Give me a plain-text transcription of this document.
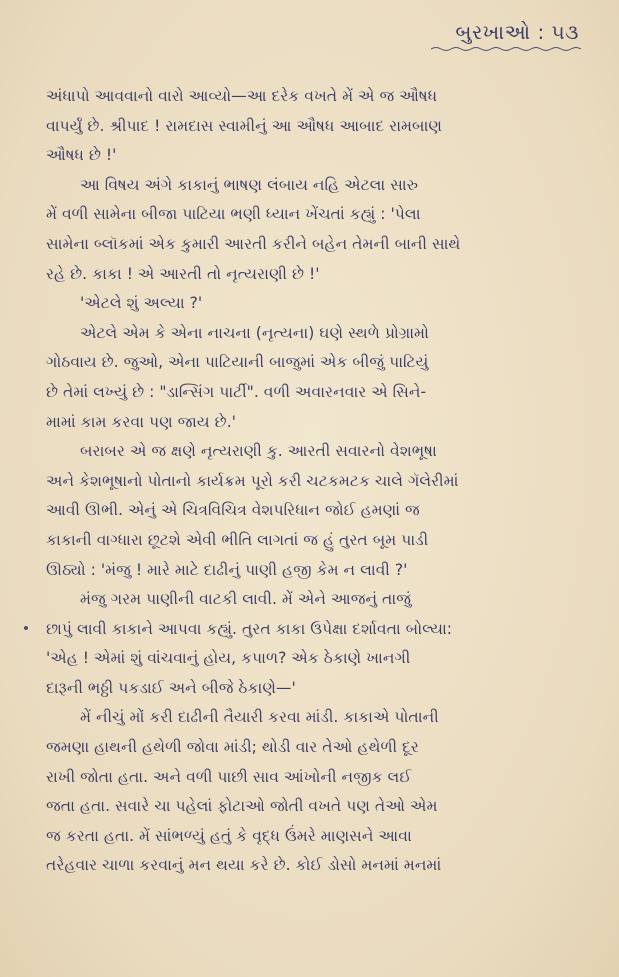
બુરખાઓ : ૫૩

અંધાપો આવવાનો વારો આવ્યો—આ દરેક વખતે મેં એ જ ઔષધ

વાપર્યું છે. શ્રીપાદ ! રામદાસ સ્વામીનું આ ઔષધ આબાદ રામબાણ

ઔષધ છે !'

આ વિષય અંગે કાકાનું ભાષણ લંબાય નહિ એટલા સારુ

મેં વળી સામેના બીજા પાટિયા ભણી ધ્યાન ખેંચતાં કહ્યું : 'પેલા

સામેના બ્લૉકમાં એક કુમારી આરતી કરીને બહેન તેમની બાની સાથે

રહે છે. કાકા ! એ આરતી તો નૃત્યરાણી છે !'

'એટલે શું અલ્યા ?'

એટલે એમ કે એના નાચના (નૃત્યના) ઘણે સ્થળે પ્રોગ્રામો

ગોઠવાય છે. જુઓ, એના પાટિયાની બાજુમાં એક બીજું પાટિયું

છે તેમાં લખ્યું છે : "ડાન્સિંગ પાર્ટી". વળી અવારનવાર એ સિને-

મામાં કામ કરવા પણ જાય છે.'

બરાબર એ જ ક્ષણે નૃત્યરાણી કુ. આરતી સવારનો વેશભૂષા

અને કેશભૂષાનો પોતાનો કાર્યક્રમ પૂરો કરી ચટકમટક ચાલે ગૅલેરીમાં

આવી ઊભી. એનું એ ચિત્રવિચિત્ર વેશપરિધાન જોઈ હમણાં જ

કાકાની વાગ્ધારા છૂટશે એવી ભીતિ લાગતાં જ હું તુરત બૂમ પાડી

ઊઠ્યો : 'મંજુ ! મારે માટે દાઢીનું પાણી હજી કેમ ન લાવી ?'

મંજુ ગરમ પાણીની વાટકી લાવી. મેં એને આજનું તાજું

છાપું લાવી કાકાને આપવા કહ્યું. તુરત કાકા ઉપેક્ષા દર્શાવતા બોલ્યા:

'એહ ! એમાં શું વાંચવાનું હોય, કપાળ? એક ઠેકાણે ખાનગી

દારૂની ભઠ્ઠી પકડાઈ અને બીજે ઠેકાણે—'

મેં નીચું મોં કરી દાઢીની તૈયારી કરવા માંડી. કાકાએ પોતાની

જમણા હાથની હથેળી જોવા માંડી; થોડી વાર તેઓ હથેળી દૂર

રાખી જોતા હતા. અને વળી પાછી સાવ આંખોની નજીક લઈ

જતા હતા. સવારે ચા પહેલાં ફોટાઓ જોતી વખતે પણ તેઓ એમ

જ કરતા હતા. મેં સાંભળ્યું હતું કે વૃદ્ધ ઉંમરે માણસને આવા

તરેહવાર ચાળા કરવાનું મન થયા કરે છે. કોઈ ડોસો મનમાં મનમાં
